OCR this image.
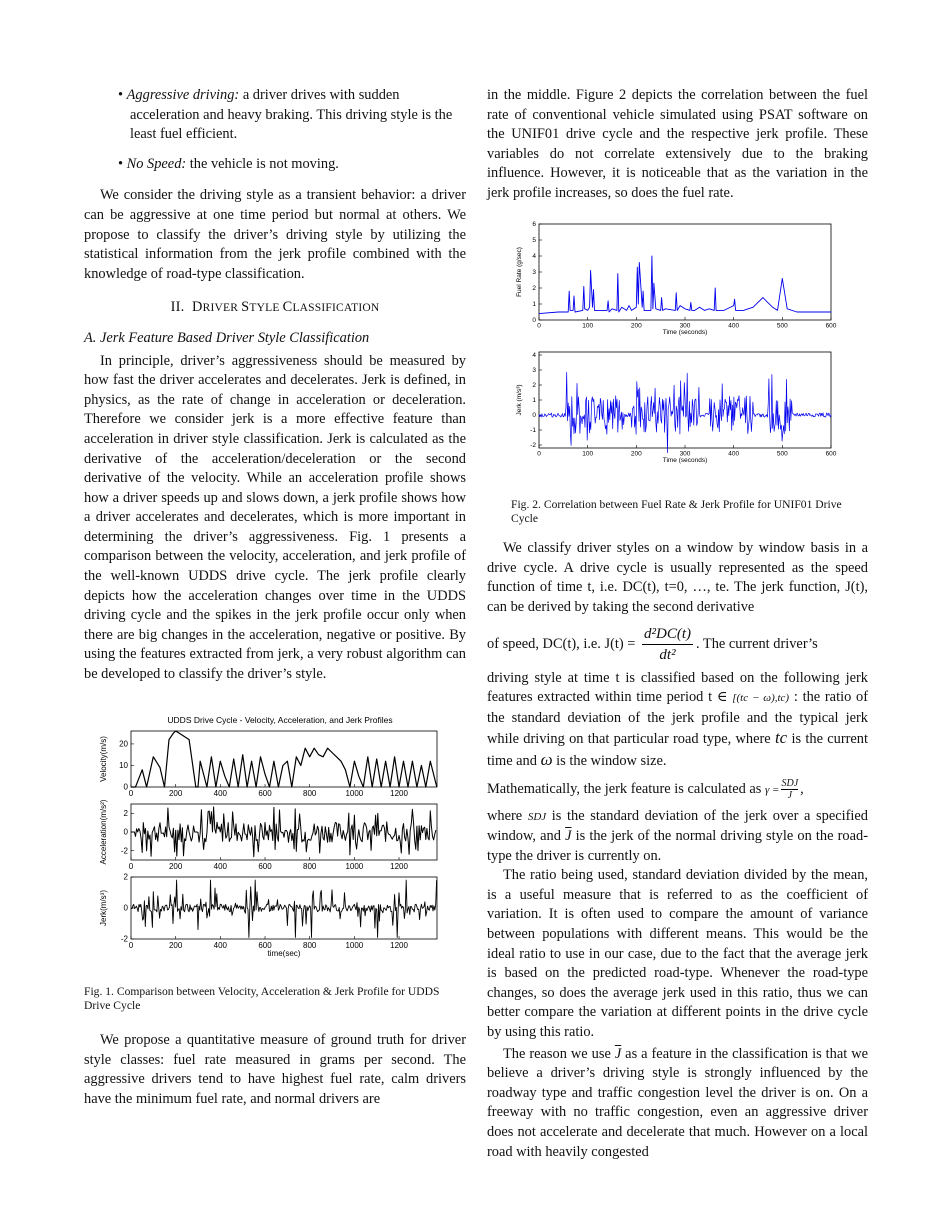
• Aggressive driving: a driver drives with sudden acceleration and heavy braking. This driving style is the least fuel efficient.
• No Speed: the vehicle is not moving.

We consider the driving style as a transient behavior: a driver can be aggressive at one time period but normal at others. We propose to classify the driver’s driving style by utilizing the statistical information from the jerk profile combined with the knowledge of road-type classification.

II. DRIVER STYLE CLASSIFICATION

A. Jerk Feature Based Driver Style Classification

In principle, driver’s aggressiveness should be measured by how fast the driver accelerates and decelerates. Jerk is defined, in physics, as the rate of change in acceleration or deceleration. Therefore we consider jerk is a more effective feature than acceleration in driver style classification. Jerk is calculated as the derivative of the acceleration/deceleration or the second derivative of the velocity. While an acceleration profile shows how a driver speeds up and slows down, a jerk profile shows how a driver accelerates and decelerates, which is more important in determining the driver’s aggressiveness. Fig. 1 presents a comparison between the velocity, acceleration, and jerk profile of the well-known UDDS drive cycle. The jerk profile clearly depicts how the acceleration changes over time in the UDDS driving cycle and the spikes in the jerk profile occur only when there are big changes in the acceleration, negative or positive. By using the features extracted from jerk, a very robust algorithm can be developed to classify the driver’s style.

UDDS Drive Cycle - Velocity, Acceleration, and Jerk Profiles
0	200	400	600	800	1000	1200
0
10
20
Velocity(m/s)
0	200	400	600	800	1000	1200
-2
0
2
Acceleration(m/s²)
0	200	400	600	800	1000	1200
-2
0
2
Jerk(m/s³)
time(sec)

Fig. 1. Comparison between Velocity, Acceleration & Jerk Profile for UDDS Drive Cycle

We propose a quantitative measure of ground truth for driver style classes: fuel rate measured in grams per second. The aggressive drivers tend to have highest fuel rate, calm drivers have the minimum fuel rate, and normal drivers are

in the middle. Figure 2 depicts the correlation between the fuel rate of conventional vehicle simulated using PSAT software on the UNIF01 drive cycle and the respective jerk profile. These variables do not correlate extensively due to the braking influence. However, it is noticeable that as the variation in the jerk profile increases, so does the fuel rate.

0	100	200	300	400	500	600
0
1
2
3
4
5
6
Fuel Rate (g/sec)
Time (seconds)
0	100	200	300	400	500	600
-2
-1
0
1
2
3
4
Jerk (m/s³)
Time (seconds)

Fig. 2. Correlation between Fuel Rate & Jerk Profile for UNIF01 Drive Cycle

We classify driver styles on a window by window basis in a drive cycle. A drive cycle is usually represented as the speed function of time t, i.e. DC(t), t=0, …, te. The jerk function, J(t), can be derived by taking the second derivative

of speed, DC(t), i.e. $J(t) = \frac{\text{d²DC(t)}}{\text{dt²}}$ . The current driver’s

driving style at time t is classified based on the following jerk features extracted within time period t ∈ [(tc − ω),tc) : the ratio of the standard deviation of the jerk profile and the typical jerk while driving on that particular road type, where tc is the current time and ω is the window size.

Mathematically, the jerk feature is calculated as $\gamma = \frac{\text{SDJ}}{J}$ ,

where SDJ is the standard deviation of the jerk over a specified window, and $\overline{J}$ is the jerk of the normal driving style on the road-type the driver is currently on.

The ratio being used, standard deviation divided by the mean, is a useful measure that is referred to as the coefficient of variation. It is often used to compare the amount of variance between populations with different means. This would be the ideal ratio to use in our case, due to the fact that the average jerk is based on the predicted road-type. Whenever the road-type changes, so does the average jerk used in this ratio, thus we can better compare the variation at different points in the drive cycle by using this ratio.

The reason we use $\overline{J}$ as a feature in the classification is that we believe a driver’s driving style is strongly influenced by the roadway type and traffic congestion level the driver is on. On a freeway with no traffic congestion, even an aggressive driver does not accelerate and decelerate that much. However on a local road with heavily congested
